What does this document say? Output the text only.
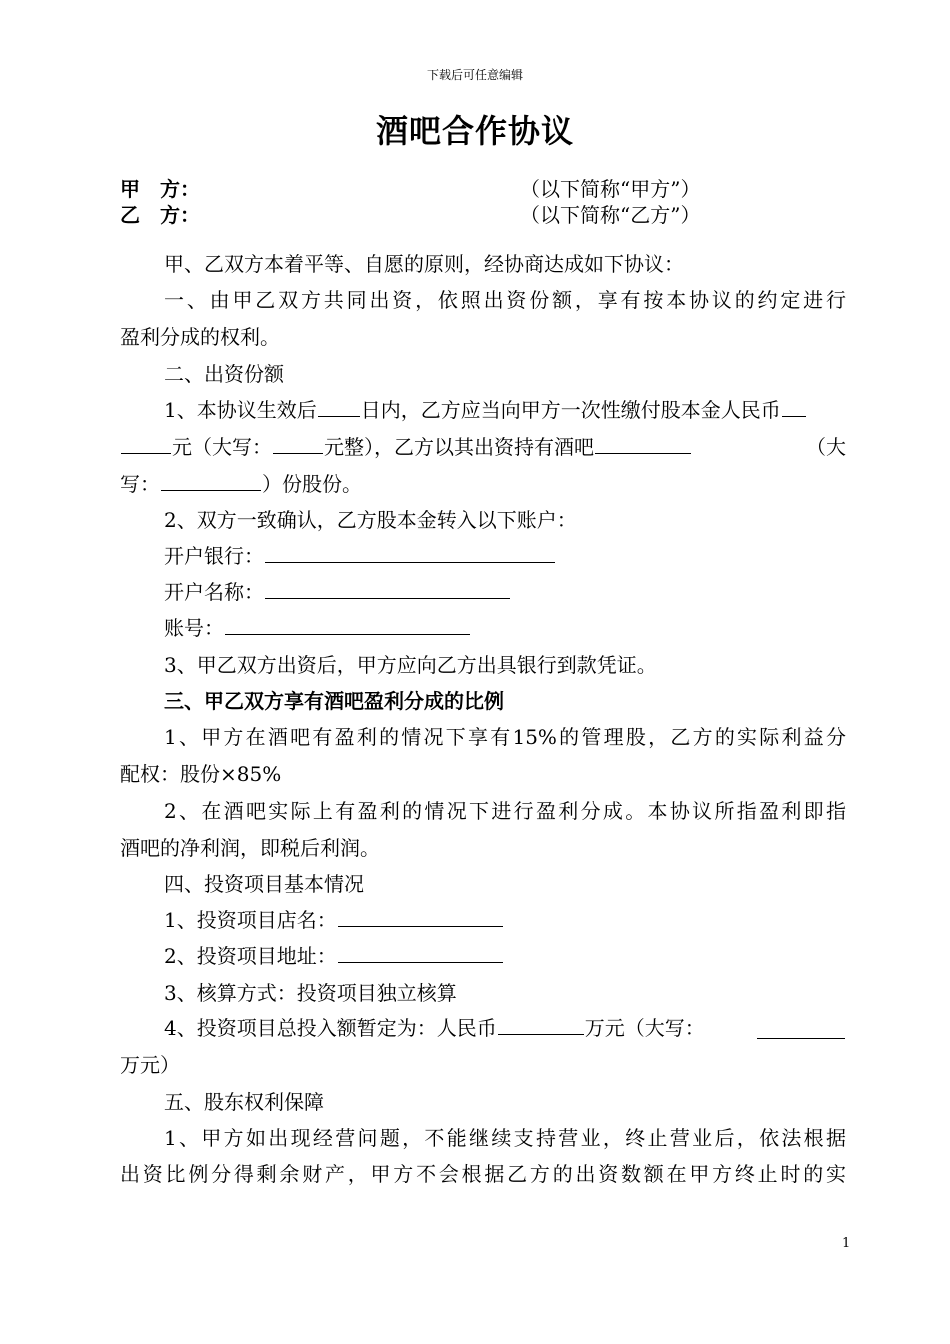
下载后可任意编辑
酒吧合作协议
甲　方：	（以下简称“甲方”）
乙　方：	（以下简称“乙方”）
甲、乙双方本着平等、自愿的原则，经协商达成如下协议：
一、由甲乙双方共同出资，依照出资份额，享有按本协议的约定进行
盈利分成的权利。
二、出资份额
1、本协议生效后 日内，乙方应当向甲方一次性缴付股本金人民币
元（大写：	元整），乙方以其出资持有酒吧	（大
写：	）份股份。
2、双方一致确认，乙方股本金转入以下账户：
开户银行：
开户名称：
账号：
3、甲乙双方出资后，甲方应向乙方出具银行到款凭证。
三、甲乙双方享有酒吧盈利分成的比例
1、甲方在酒吧有盈利的情况下享有15%的管理股，乙方的实际利益分
配权：股份×85%
2、在酒吧实际上有盈利的情况下进行盈利分成。本协议所指盈利即指
酒吧的净利润，即税后利润。
四、投资项目基本情况
1、投资项目店名：
2、投资项目地址：
3、核算方式：投资项目独立核算
4、投资项目总投入额暂定为：人民币	万元（大写：
万元）
五、股东权利保障
1、甲方如出现经营问题，不能继续支持营业，终止营业后，依法根据
出资比例分得剩余财产，甲方不会根据乙方的出资数额在甲方终止时的实
1
